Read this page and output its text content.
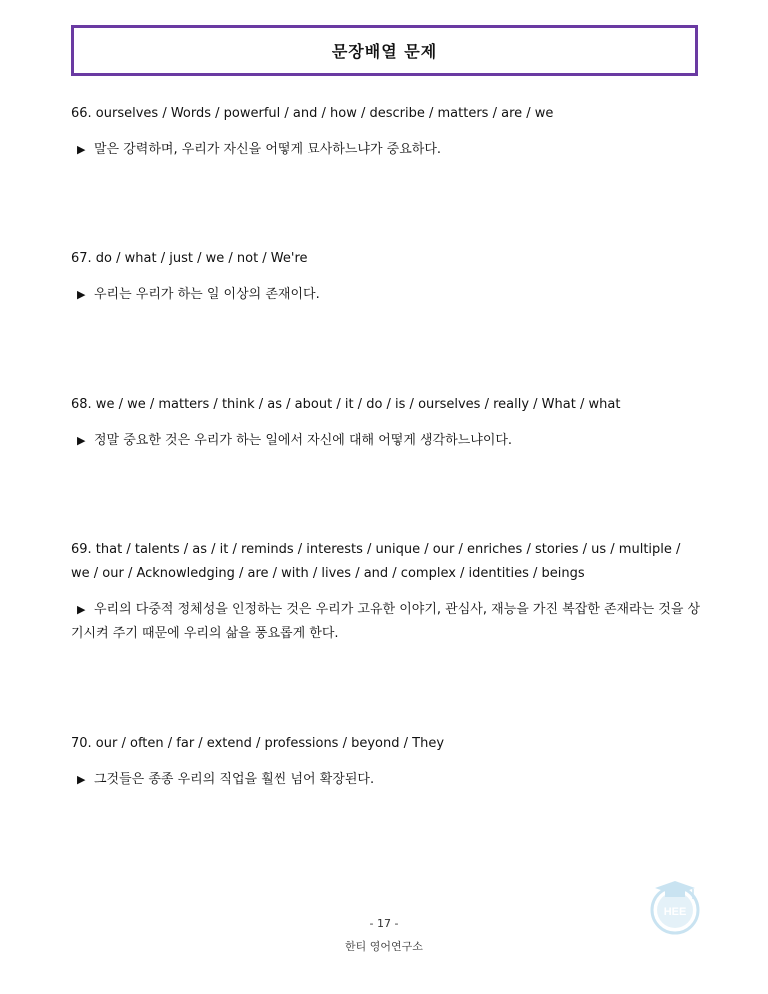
문장배열 문제

66. ourselves / Words / powerful / and / how / describe / matters / are / we

▶ 말은 강력하며, 우리가 자신을 어떻게 묘사하느냐가 중요하다.

67. do / what / just / we / not / We're

▶ 우리는 우리가 하는 일 이상의 존재이다.

68. we / we / matters / think / as / about / it / do / is / ourselves / really / What / what

▶ 정말 중요한 것은 우리가 하는 일에서 자신에 대해 어떻게 생각하느냐이다.

69. that / talents / as / it / reminds / interests / unique / our / enriches / stories / us / multiple / we / our / Acknowledging / are / with / lives / and / complex / identities / beings

▶ 우리의 다중적 정체성을 인정하는 것은 우리가 고유한 이야기, 관심사, 재능을 가진 복잡한 존재라는 것을 상기시켜 주기 때문에 우리의 삶을 풍요롭게 한다.

70. our / often / far / extend / professions / beyond / They

▶ 그것들은 종종 우리의 직업을 훨씬 넘어 확장된다.

HEE
- 17 -
한티 영어연구소
